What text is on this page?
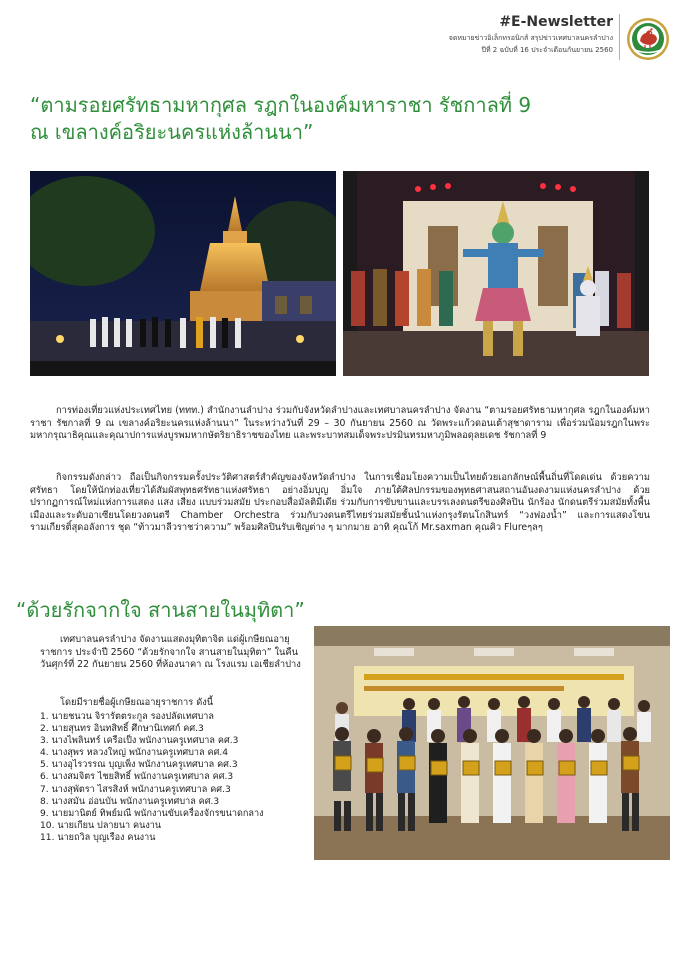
#E-Newsletter
จดหมายข่าวอิเล็กทรอนิกส์ สรุปข่าวเทศบาลนครลำปาง
ปีที่ 2 ฉบับที่ 16 ประจำเดือนกันยายน 2560
“ตามรอยศรัทธามหากุศล รฎกในองค์มหาราชา รัชกาลที่ 9
ณ เขลางค์อริยะนครแห่งล้านนา”
การท่องเที่ยวแห่งประเทศไทย (ททท.) สำนักงานลำปาง ร่วมกับจังหวัดลำปางและเทศบาลนครลำปาง จัดงาน “ตามรอยศรัทธามหากุศล รฎกในองค์มหาราชา รัชกาลที่ 9 ณ เขลางค์อริยะนครแห่งล้านนา” ในระหว่างวันที่ 29 – 30 กันยายน 2560 ณ วัดพระแก้วดอนเต้าสุชาดาราม เพื่อร่วมน้อมรฎกในพระมหากรุณาธิคุณและคุณาปการแห่งบูรพมหากษัตริยาธิราชของไทย และพระบาทสมเด็จพระปรมินทรมหาภูมิพลอดุลยเดช รัชกาลที่ 9
กิจกรรมดังกล่าว ถือเป็นกิจกรรมครั้งประวัติศาสตร์สำคัญของจังหวัดลำปาง ในการเชื่อมโยงความเป็นไทยด้วยเอกลักษณ์พื้นถิ่นที่โดดเด่น ด้วยความศรัทธา โดยให้นักท่องเที่ยวได้สัมผัสพุทธศรัทธาแห่งศรัทธา อย่างอิ่มบุญ อิ่มใจ ภายใต้ศิลปกรรมของพุทธศาสนสถานอันงดงามแห่งนครลำปาง ด้วยปรากฏการณ์ใหม่แห่งการแสดง แสง เสียง แบบร่วมสมัย ประกอบสื่อมัลติมีเดีย ร่วมกับการขับขานและบรรเลงดนตรีของศิลปิน นักร้อง นักดนตรีร่วมสมัยทั้งพื้นเมืองและระดับอาเซียนโดยวงดนตรี Chamber Orchestra ร่วมกับวงดนตรีไทยร่วมสมัยชั้นนำแห่งกรุงรัตนโกสินทร์ “วงฟองน้ำ” และการแสดงโขนรามเกียรติ์สุดอลังการ ชุด “ท้าวมาลีวราชว่าความ” พร้อมศิลปินรับเชิญต่าง ๆ มากมาย อาทิ คุณโก้ Mr.saxman คุณคิว Flureๆลๆ
“ด้วยรักจากใจ สานสายในมุทิตา”
เทศบาลนครลำปาง จัดงานแสดงมุทิตาจิต แด่ผู้เกษียณอายุราชการ ประจำปี 2560 “ด้วยรักจากใจ สานสายในมุทิตา” ในคืนวันศุกร์ที่ 22 กันยายน 2560 ที่ห้องนาคา ณ โรงแรม เอเชียลำปาง
โดยมีรายชื่อผู้เกษียณอายุราชการ ดังนี้
1. นายชนวน จิรารัตตระกูล รองปลัดเทศบาล
2. นายสุนทร อินทสิทธิ์ ศึกษานิเทศก์ คศ.3
3. นางไพลินทร์ เครือเป็ง พนักงานครูเทศบาล คศ.3
4. นางสุพร หลวงใหญ่ พนักงานครูเทศบาล คศ.4
5. นางอุไรวรรณ บุญเพ็ง พนักงานครูเทศบาล คศ.3
6. นางสมจิตร ไชยสิทธิ์ พนักงานครูเทศบาล คศ.3
7. นางสุพัตรา ไสรสิงห์ พนักงานครูเทศบาล คศ.3
8. นางสมัน อ่อนบัน พนักงานครูเทศบาล คศ.3
9. นายมานิตย์ ทิพย์มณี พนักงานขับเครื่องจักรขนาดกลาง
10. นายเกียน ปลายนา คนงาน
11. นายถวิล บุญเรือง คนงาน
